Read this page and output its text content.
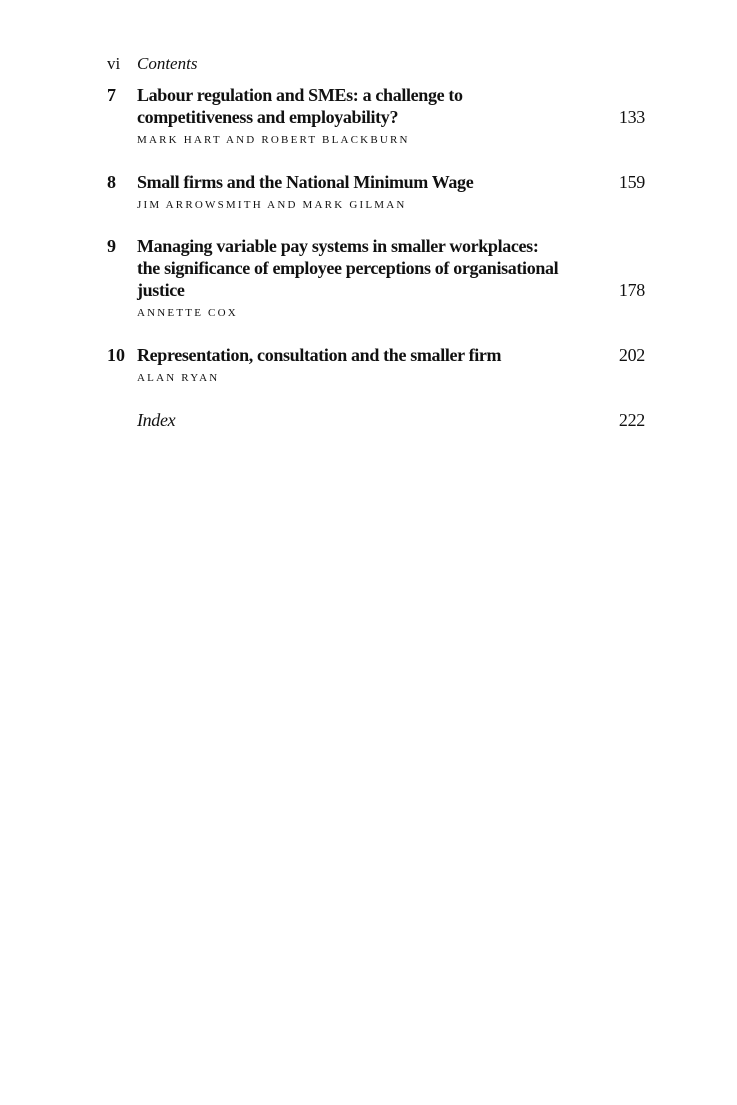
vi Contents
7 Labour regulation and SMEs: a challenge to
competitiveness and employability?	133
MARK HART AND ROBERT BLACKBURN
8 Small firms and the National Minimum Wage	159
JIM ARROWSMITH AND MARK GILMAN
9 Managing variable pay systems in smaller workplaces:
the significance of employee perceptions of organisational
justice	178
ANNETTE COX
10 Representation, consultation and the smaller firm	202
ALAN RYAN
Index	222
